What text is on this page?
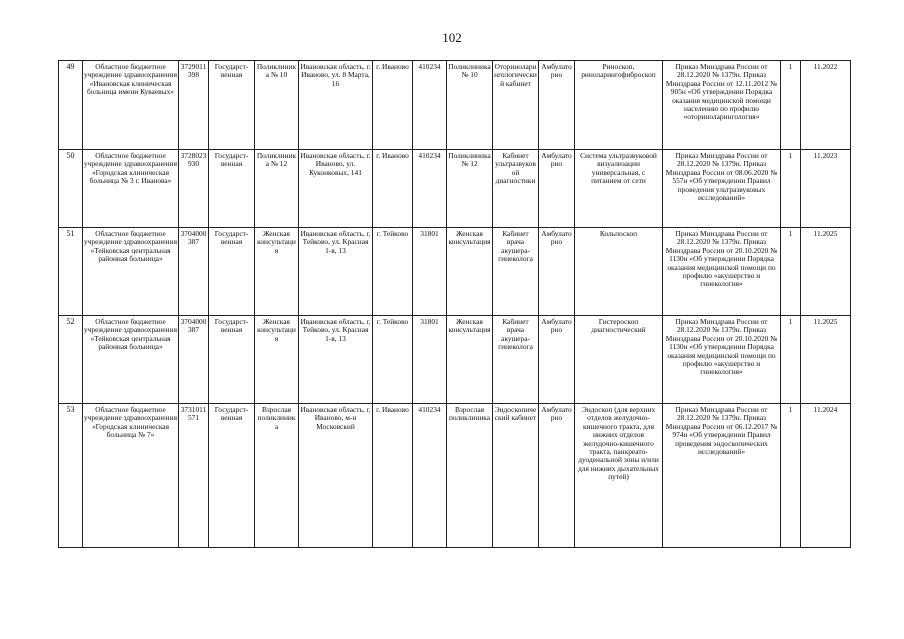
102
49	Областное бюджетное учреждение здравоохранения «Ивановская клиническая больница имени Куваевых»	3729011398	Государст-венная	Поликлиника № 10	Ивановская область, г. Иваново, ул. 8 Марта, 16	г. Иваново	410234	Поликлиника № 10	Оториноларингологический кабинет	Амбулаторно	Риноскоп, риноларингофиброскоп	Приказ Минздрава России от 28.12.2020 № 1379н. Приказ Минздрава России от 12.11.2012 № 905н «Об утверждении Порядка оказания медицинской помощи населению по профилю «оториноларингология»	1	11.2022
50	Областное бюджетное учреждение здравоохранения «Городская клиническая больница № 3 г. Иванова»	3728023930	Государст-венная	Поликлиника № 12	Ивановская область, г. Иваново, ул. Куконковых, 141	г. Иваново	410234	Поликлиника № 12	Кабинет ультразвуковой диагностики	Амбулаторно	Система ультразвуковой визуализации универсальная, с питанием от сети	Приказ Минздрава России от 28.12.2020 № 1379н. Приказ Минздрава России от 08.06.2020 № 557н «Об утверждении Правил проведения ультразвуковых исследований»	1	11.2023
51	Областное бюджетное учреждение здравоохранения «Тейковская центральная районная больница»	3704000387	Государст-венная	Женская консультация	Ивановская область, г. Тейково, ул. Красная 1-я, 13	г. Тейково	31801	Женская консультация	Кабинет врача акушера-гинеколога	Амбулаторно	Кольпоскоп	Приказ Минздрава России от 28.12.2020 № 1379н. Приказ Минздрава России от 20.10.2020 № 1130н «Об утверждении Порядка оказания медицинской помощи по профилю «акушерство и гинекология»	1	11.2025
52	Областное бюджетное учреждение здравоохранения «Тейковская центральная районная больница»	3704000387	Государст-венная	Женская консультация	Ивановская область, г. Тейково, ул. Красная 1-я, 13	г. Тейково	31801	Женская консультация	Кабинет врача акушера-гинеколога	Амбулаторно	Гистероскоп диагностический	Приказ Минздрава России от 28.12.2020 № 1379н. Приказ Минздрава России от 20.10.2020 № 1130н «Об утверждении Порядка оказания медицинской помощи по профилю «акушерство и гинекология»	1	11.2025
53	Областное бюджетное учреждение здравоохранения «Городская клиническая больница № 7»	3731011571	Государст-венная	Взрослая поликлиника	Ивановская область, г. Иваново, м-н Московский	г. Иваново	410234	Взрослая поликлиника	Эндоскопический кабинет	Амбулаторно	Эндоскоп (для верхних отделов желудочно-кишечного тракта, для нижних отделов желудочно-кишечного тракта, панкреато-дуоденальной зоны и/или для нижних дыхательных путей)	Приказ Минздрава России от 28.12.2020 № 1379н. Приказ Минздрава России от 06.12.2017 № 974н «Об утверждении Правил проведения эндоскопических исследований»	1	11.2024
